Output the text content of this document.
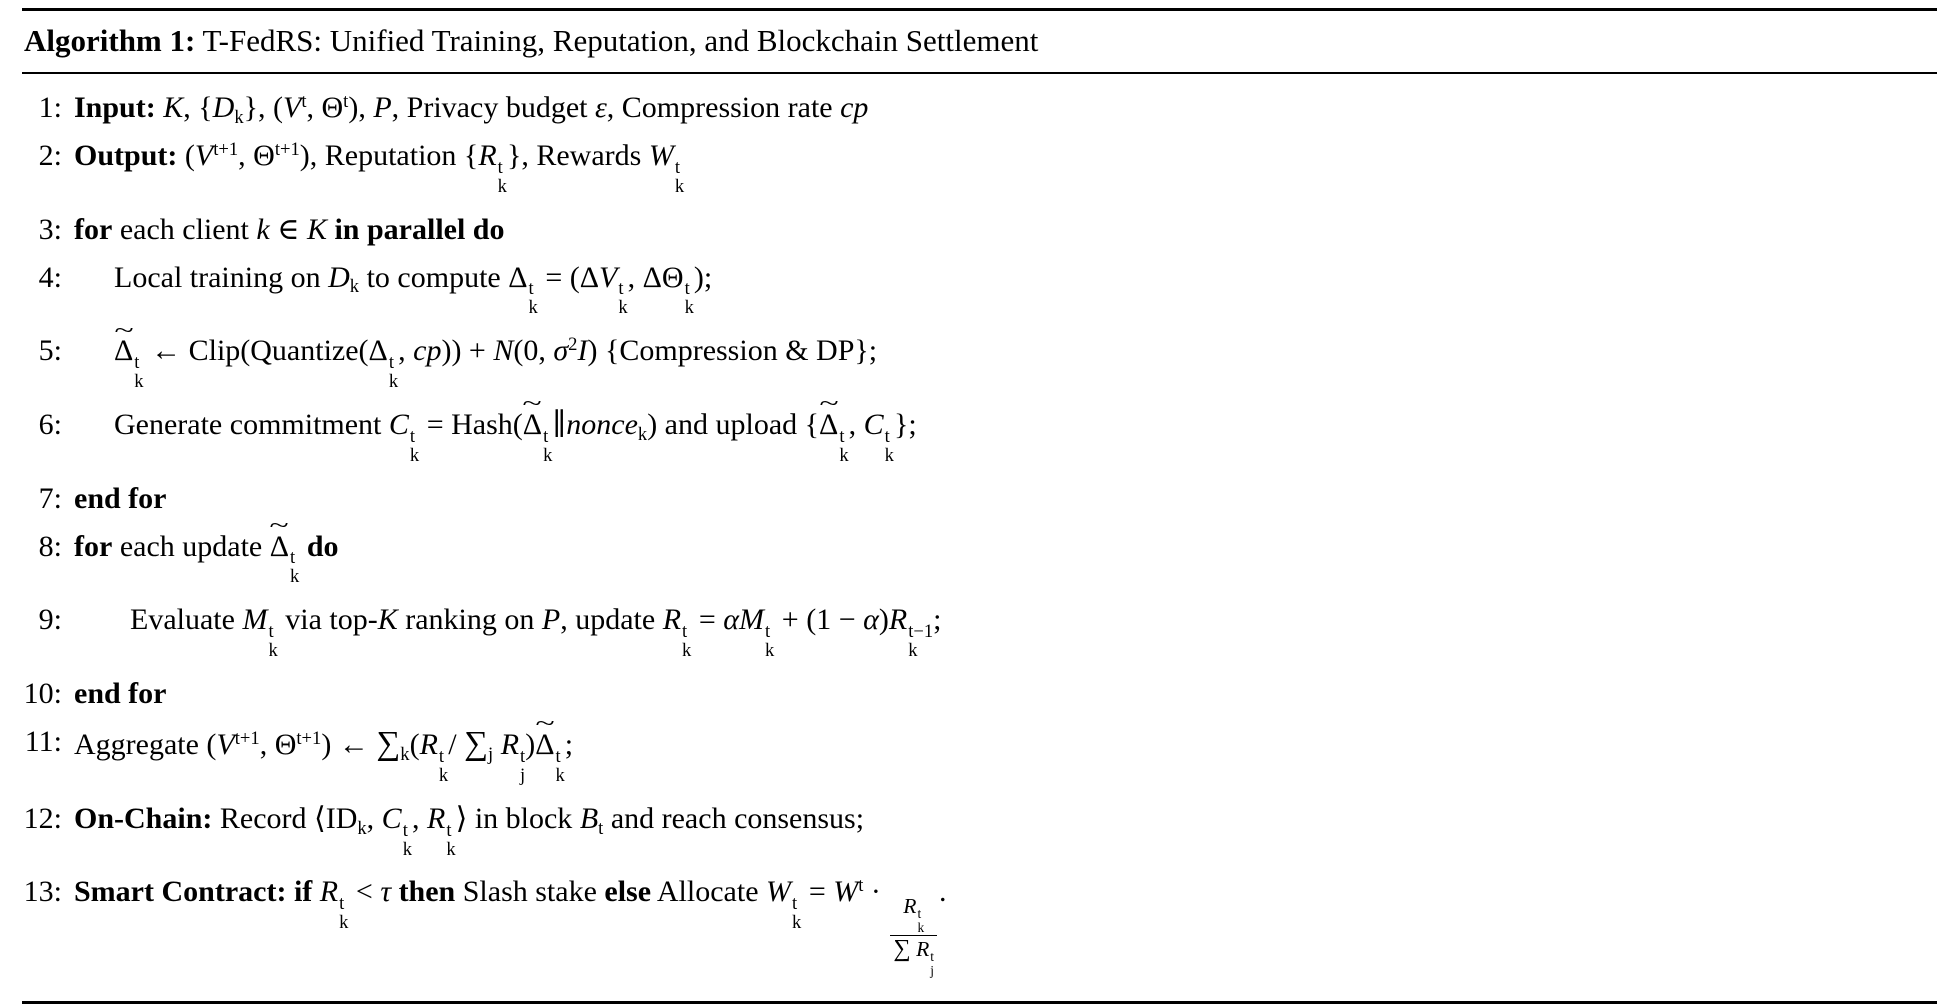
Algorithm 1: T-FedRS: Unified Training, Reputation, and Blockchain Settlement
1: Input: K, $\{D_k\}$, ($V^t$, $\Theta^t$), P, Privacy budget ε, Compression rate cp
2: Output: ($V^{t+1}$, $\Theta^{t+1}$), Reputation {R t
k
}, Rewards W t
k
3: for each client k ∈ K in parallel do
4:	Local training on $D_k$ to compute Δ t
k
= (ΔV t
k
, ΔΘ t
k
);
5:	~ Δ t
k
← Clip(Quantize(Δ t
k
, cp)) + N(0, $\sigma^2I$) {Compression & DP};
6:	Generate commitment C t
k
= Hash(~ Δ t
k
∥nonce$_k$) and upload {~ Δ t
k
, C t
k
};
7: end for
8: for each update ~ Δ t
k
do
9:	Evaluate M t
k
via top-K ranking on P, update R t
k
= αM t
k
+ (1 − α)R t−1
k
;
10: end for
11: Aggregate ($V^{t+1}$, $\Theta^{t+1}$) ← $\sum_k(R$ t
k
/ $\sum_j$ R t
j
)~ Δ t
k
;
12: On-Chain: Record $⟨ID_k$, C t
k
, R t
k
⟩ in block $B_t$ and reach consensus;
13: Smart Contract: if R t
k
< τ then Slash stake else Allocate W t
k
= $W^t$ ·
R t
k
∑ R t
j
.
